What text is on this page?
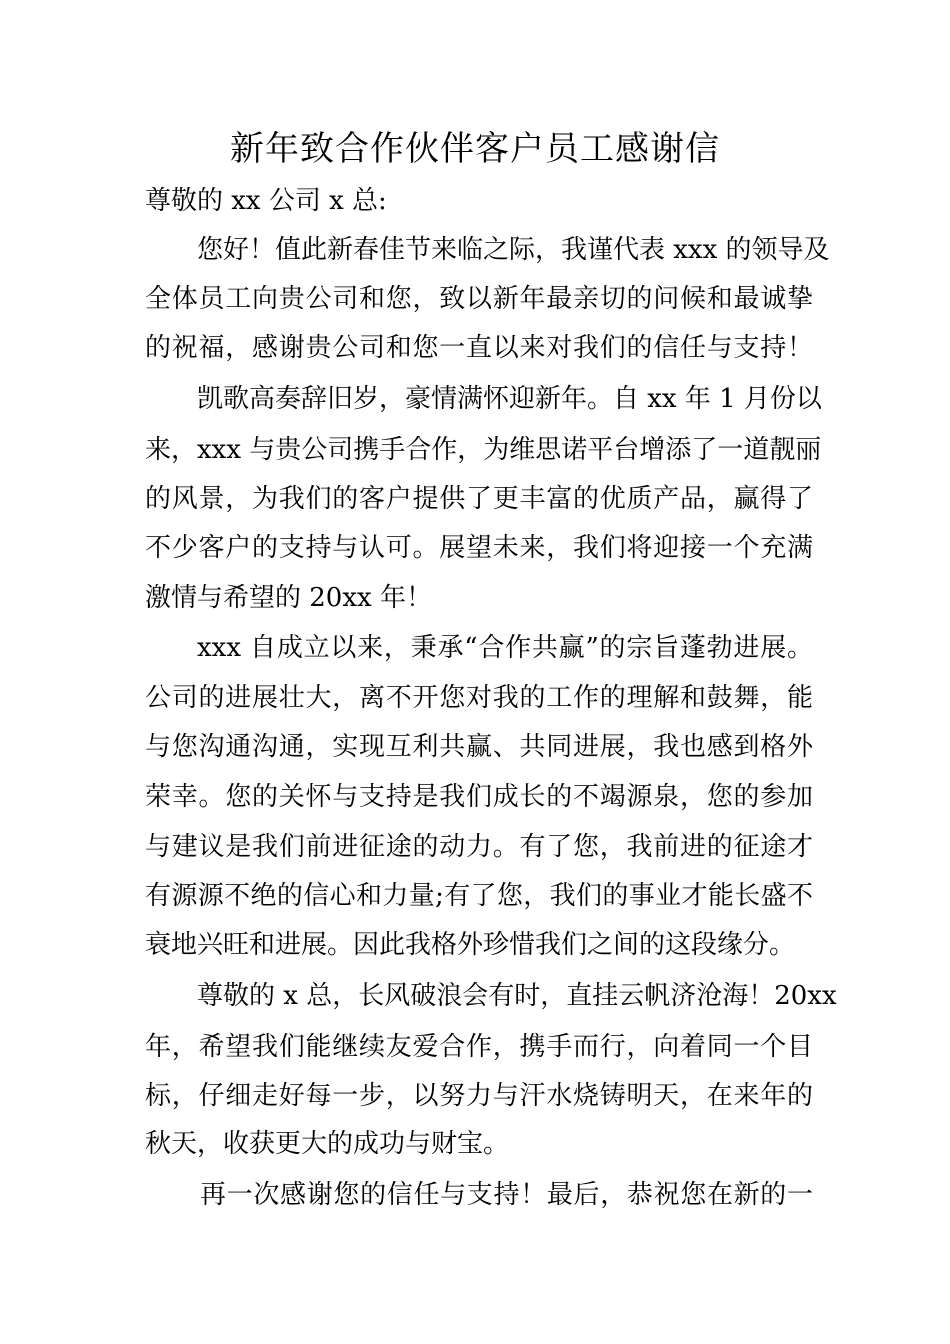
新年致合作伙伴客户员工感谢信
尊敬的 xx 公司 x 总:
您好！值此新春佳节来临之际，我谨代表 xxx 的领导及
全体员工向贵公司和您，致以新年最亲切的问候和最诚挚
的祝福，感谢贵公司和您一直以来对我们的信任与支持！
凯歌高奏辞旧岁，豪情满怀迎新年。自 xx 年 1 月份以
来，xxx 与贵公司携手合作，为维思诺平台增添了一道靓丽
的风景，为我们的客户提供了更丰富的优质产品，赢得了
不少客户的支持与认可。展望未来，我们将迎接一个充满
激情与希望的 20xx 年！
xxx 自成立以来，秉承“合作共赢”的宗旨蓬勃进展。
公司的进展壮大，离不开您对我的工作的理解和鼓舞，能
与您沟通沟通，实现互利共赢、共同进展，我也感到格外
荣幸。您的关怀与支持是我们成长的不竭源泉，您的参加
与建议是我们前进征途的动力。有了您，我前进的征途才
有源源不绝的信心和力量;有了您，我们的事业才能长盛不
衰地兴旺和进展。因此我格外珍惜我们之间的这段缘分。
尊敬的 x 总，长风破浪会有时，直挂云帆济沧海！20xx
年，希望我们能继续友爱合作，携手而行，向着同一个目
标，仔细走好每一步，以努力与汗水烧铸明天，在来年的
秋天，收获更大的成功与财宝。
再一次感谢您的信任与支持！最后，恭祝您在新的一
